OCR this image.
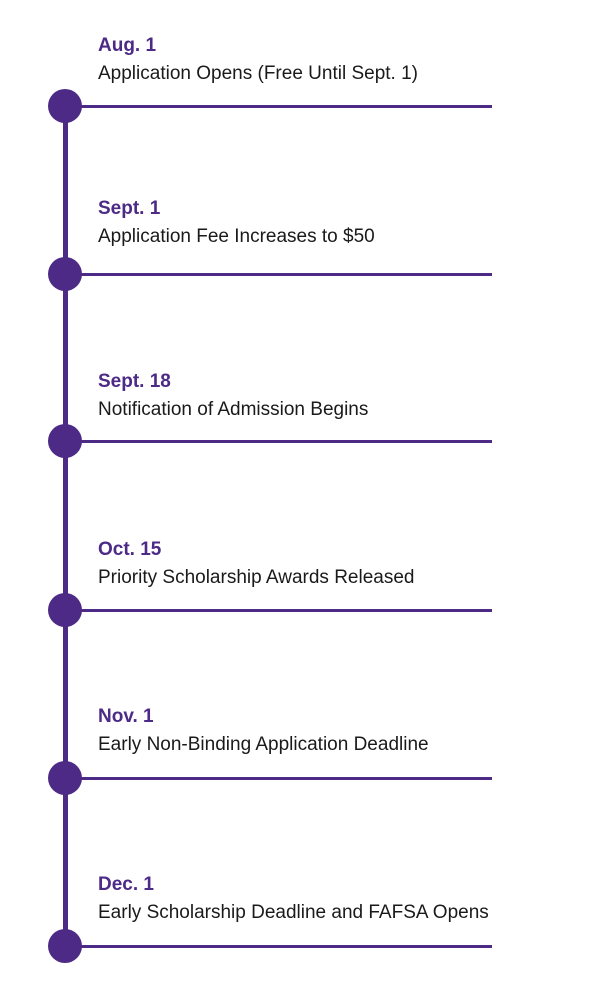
Aug. 1
Application Opens (Free Until Sept. 1)
Sept. 1
Application Fee Increases to $50
Sept. 18
Notification of Admission Begins
Oct. 15
Priority Scholarship Awards Released
Nov. 1
Early Non-Binding Application Deadline
Dec. 1
Early Scholarship Deadline and FAFSA Opens
